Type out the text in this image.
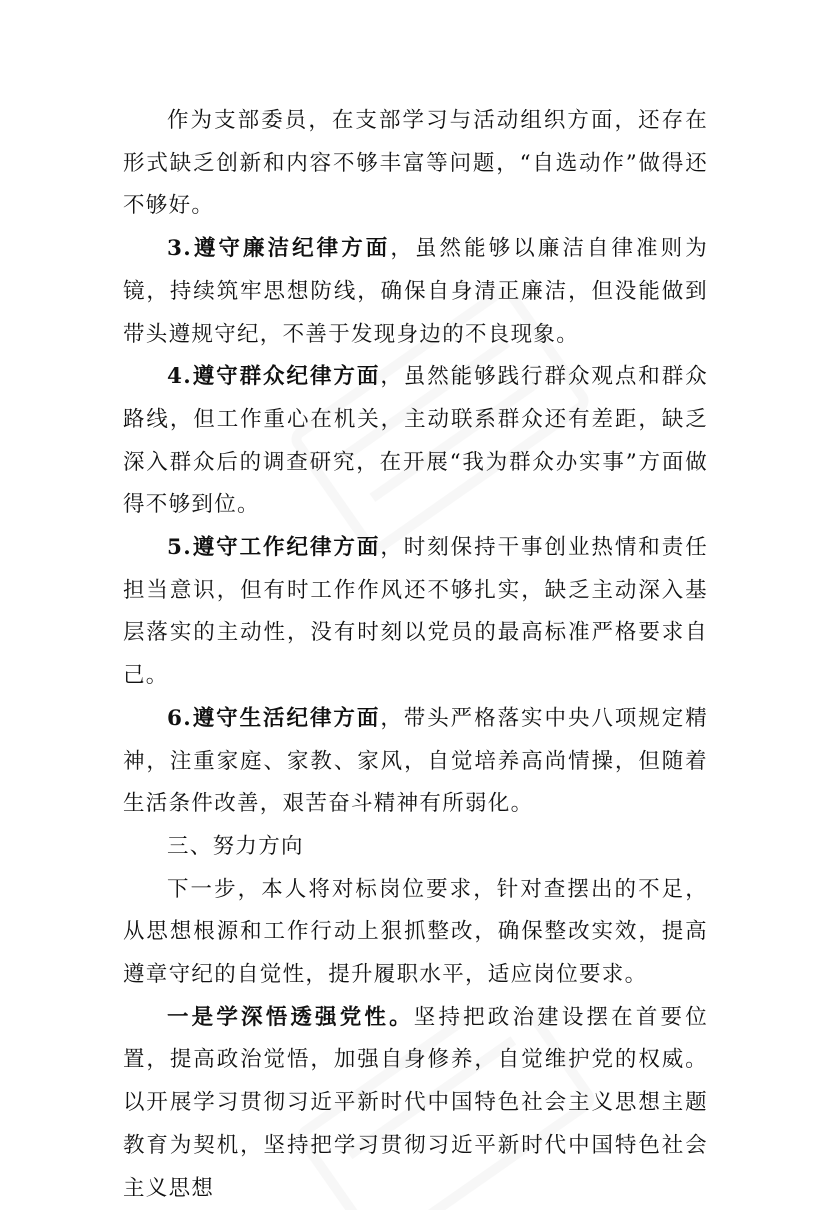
作为支部委员，在支部学习与活动组织方面，还存在形式缺乏创新和内容不够丰富等问题，“自选动作”做得还不够好。

3.遵守廉洁纪律方面，虽然能够以廉洁自律准则为镜，持续筑牢思想防线，确保自身清正廉洁，但没能做到带头遵规守纪，不善于发现身边的不良现象。

4.遵守群众纪律方面，虽然能够践行群众观点和群众路线，但工作重心在机关，主动联系群众还有差距，缺乏深入群众后的调查研究，在开展“我为群众办实事”方面做得不够到位。

5.遵守工作纪律方面，时刻保持干事创业热情和责任担当意识，但有时工作作风还不够扎实，缺乏主动深入基层落实的主动性，没有时刻以党员的最高标准严格要求自己。

6.遵守生活纪律方面，带头严格落实中央八项规定精神，注重家庭、家教、家风，自觉培养高尚情操，但随着生活条件改善，艰苦奋斗精神有所弱化。

三、努力方向

下一步，本人将对标岗位要求，针对查摆出的不足，从思想根源和工作行动上狠抓整改，确保整改实效，提高遵章守纪的自觉性，提升履职水平，适应岗位要求。

一是学深悟透强党性。坚持把政治建设摆在首要位置，提高政治觉悟，加强自身修养，自觉维护党的权威。以开展学习贯彻习近平新时代中国特色社会主义思想主题教育为契机，坚持把学习贯彻习近平新时代中国特色社会主义思想
